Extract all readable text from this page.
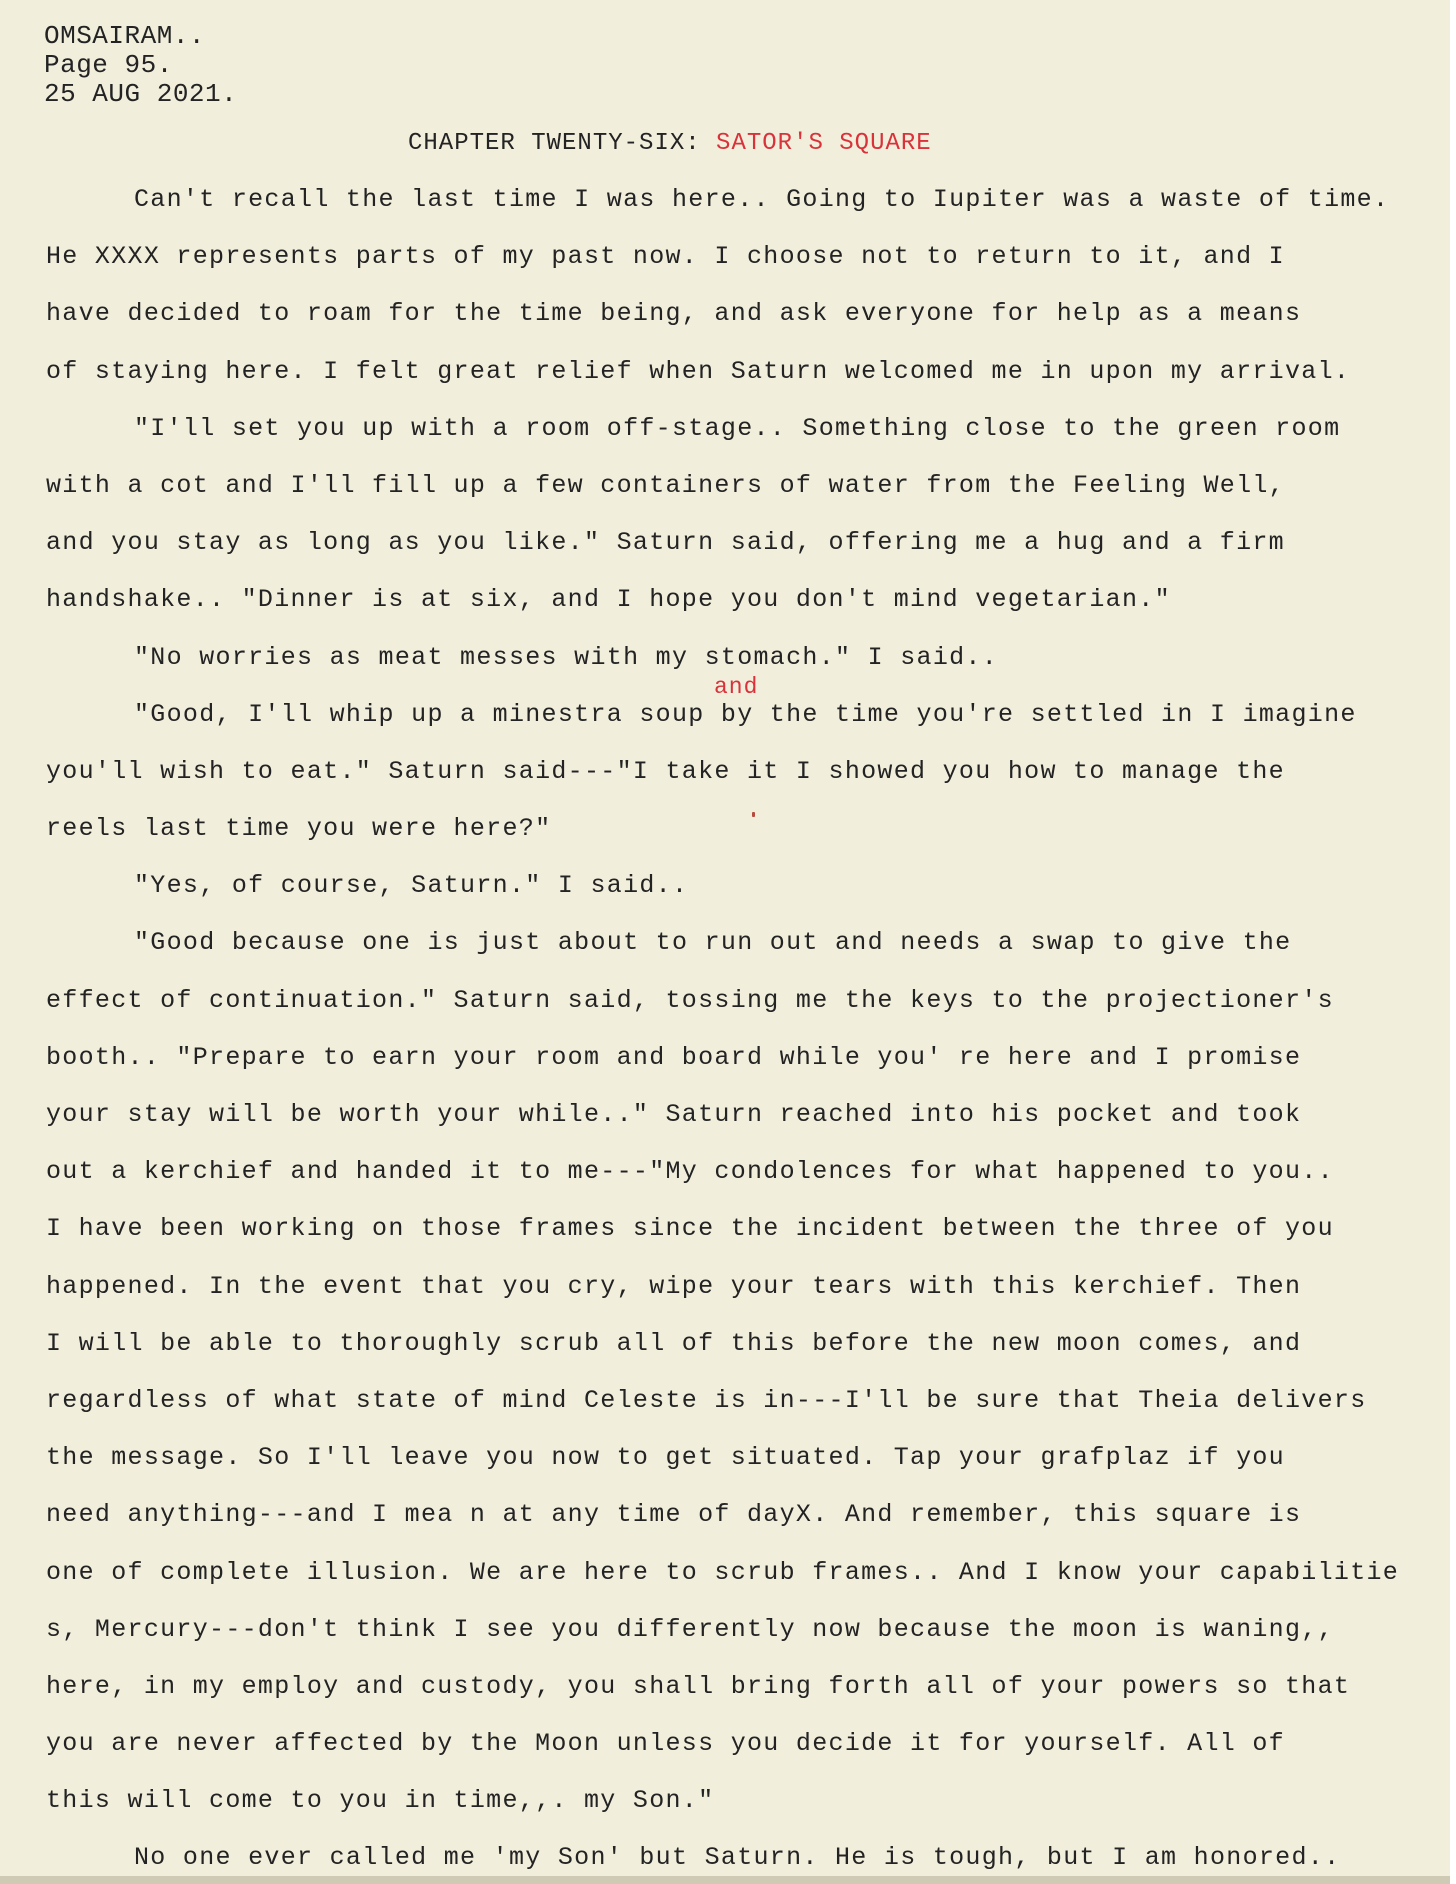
OMSAIRAM..
Page 95.
25 AUG 2021.
CHAPTER TWENTY-SIX: SATOR'S SQUARE
Can't recall the last time I was here.. Going to Iupiter was a waste of time.
He XXXX represents parts of my past now. I choose not to return to it, and I
have decided to roam for the time being, and ask everyone for help as a means
of staying here. I felt great relief when Saturn welcomed me in upon my arrival.
"I'll set you up with a room off-stage.. Something close to the green room
with a cot and I'll fill up a few containers of water from the Feeling Well,
and you stay as long as you like." Saturn said, offering me a hug and a firm
handshake.. "Dinner is at six, and I hope you don't mind vegetarian."
"No worries as meat messes with my stomach." I said..
and
"Good, I'll whip up a minestra soup by the time you're settled in I imagine
you'll wish to eat." Saturn said---"I take it I showed you how to manage the
reels last time you were here?"
"Yes, of course, Saturn." I said..
"Good because one is just about to run out and needs a swap to give the
effect of continuation." Saturn said, tossing me the keys to the projectioner's
booth.. "Prepare to earn your room and board while you' re here and I promise
your stay will be worth your while.." Saturn reached into his pocket and took
out a kerchief and handed it to me---"My condolences for what happened to you..
I have been working on those frames since the incident between the three of you
happened. In the event that you cry, wipe your tears with this kerchief. Then
I will be able to thoroughly scrub all of this before the new moon comes, and
regardless of what state of mind Celeste is in---I'll be sure that Theia delivers
the message. So I'll leave you now to get situated. Tap your grafplaz if you
need anything---and I mea n at any time of dayX. And remember, this square is
one of complete illusion. We are here to scrub frames.. And I know your capabilitie
s, Mercury---don't think I see you differently now because the moon is waning,,
here, in my employ and custody, you shall bring forth all of your powers so that
you are never affected by the Moon unless you decide it for yourself. All of
this will come to you in time,,. my Son."
No one ever called me 'my Son' but Saturn. He is tough, but I am honored..
